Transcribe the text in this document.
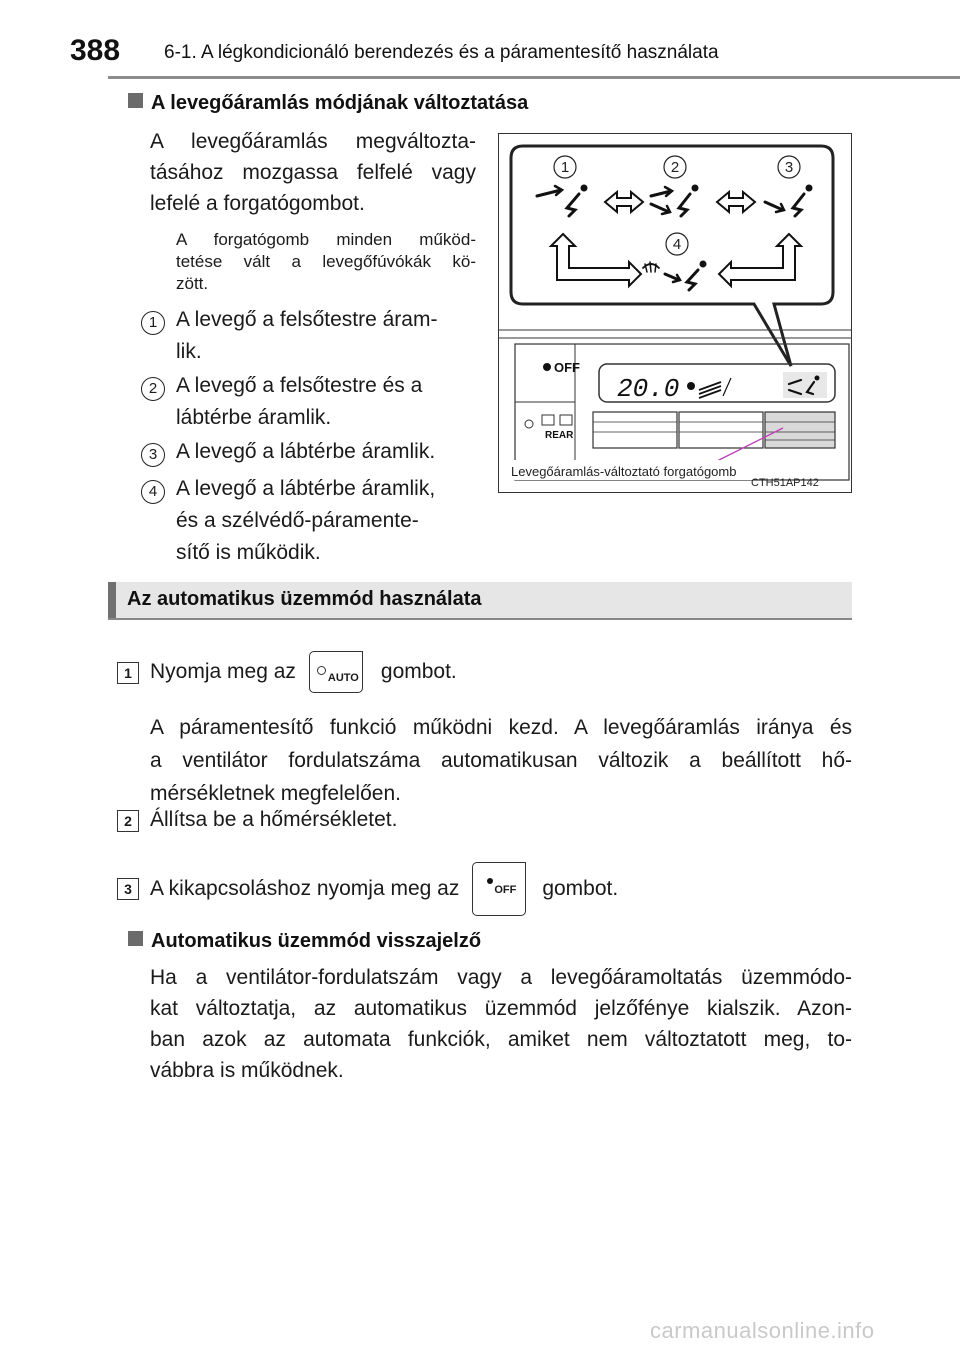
388 6-1. A légkondicionáló berendezés és a páramentesítő használata
A levegőáramlás módjának változtatása
A levegőáramlás megváltozta-
tásához mozgassa felfelé vagy
lefelé a forgatógombot.
A forgatógomb minden működ-
tetése vált a levegőfúvókák kö-
zött.
1 A levegő a felsőtestre áram-
lik.
2 A levegő a felsőtestre és a
lábtérbe áramlik.
3 A levegő a lábtérbe áramlik.
4 A levegő a lábtérbe áramlik,
és a szélvédő-páramente-
sítő is működik.
1	2	3
4
OFF
REAR
20.0
Levegőáramlás-változtató forgatógomb
CTH51AP142
Az automatikus üzemmód használata
1 Nyomja meg az	AUTO gombot.
A páramentesítő funkció működni kezd. A levegőáramlás iránya és
a ventilátor fordulatszáma automatikusan változik a beállított hő-
mérsékletnek megfelelően.
2 Állítsa be a hőmérsékletet.
3 A kikapcsoláshoz nyomja meg az	OFF gombot.
Automatikus üzemmód visszajelző
Ha a ventilátor-fordulatszám vagy a levegőáramoltatás üzemmódo-
kat változtatja, az automatikus üzemmód jelzőfénye kialszik. Azon-
ban azok az automata funkciók, amiket nem változtatott meg, to-
vábbra is működnek.
carmanualsonline.info
